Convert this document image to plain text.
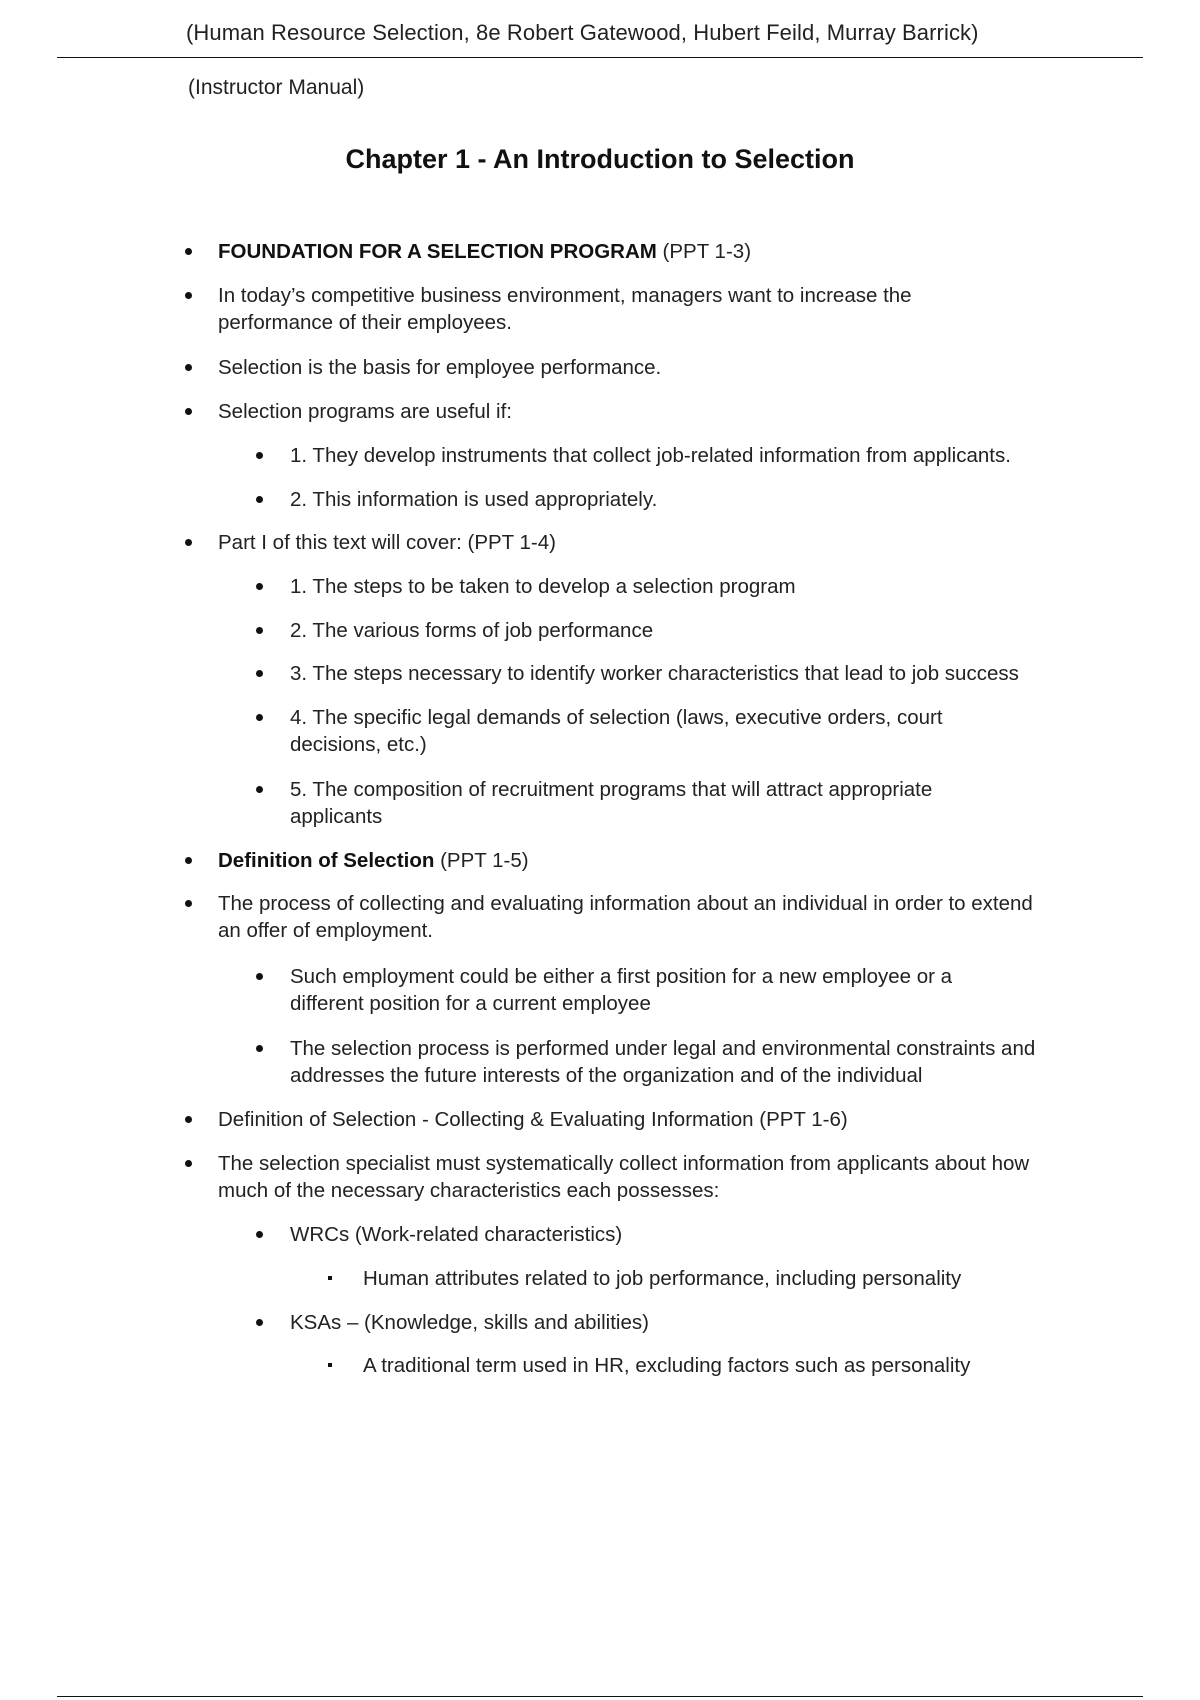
(Human Resource Selection, 8e Robert Gatewood, Hubert Feild, Murray Barrick)
(Instructor Manual)
Chapter 1 - An Introduction to Selection
FOUNDATION FOR A SELECTION PROGRAM (PPT 1-3)
In today’s competitive business environment, managers want to increase the performance of their employees.
Selection is the basis for employee performance.
Selection programs are useful if:
1. They develop instruments that collect job-related information from applicants.
2. This information is used appropriately.
Part I of this text will cover: (PPT 1-4)
1. The steps to be taken to develop a selection program
2. The various forms of job performance
3. The steps necessary to identify worker characteristics that lead to job success
4. The specific legal demands of selection (laws, executive orders, court decisions, etc.)
5. The composition of recruitment programs that will attract appropriate applicants
Definition of Selection (PPT 1-5)
The process of collecting and evaluating information about an individual in order to extend an offer of employment.
Such employment could be either a first position for a new employee or a different position for a current employee
The selection process is performed under legal and environmental constraints and addresses the future interests of the organization and of the individual
Definition of Selection - Collecting & Evaluating Information (PPT 1-6)
The selection specialist must systematically collect information from applicants about how much of the necessary characteristics each possesses:
WRCs (Work-related characteristics)
Human attributes related to job performance, including personality
KSAs – (Knowledge, skills and abilities)
A traditional term used in HR, excluding factors such as personality
